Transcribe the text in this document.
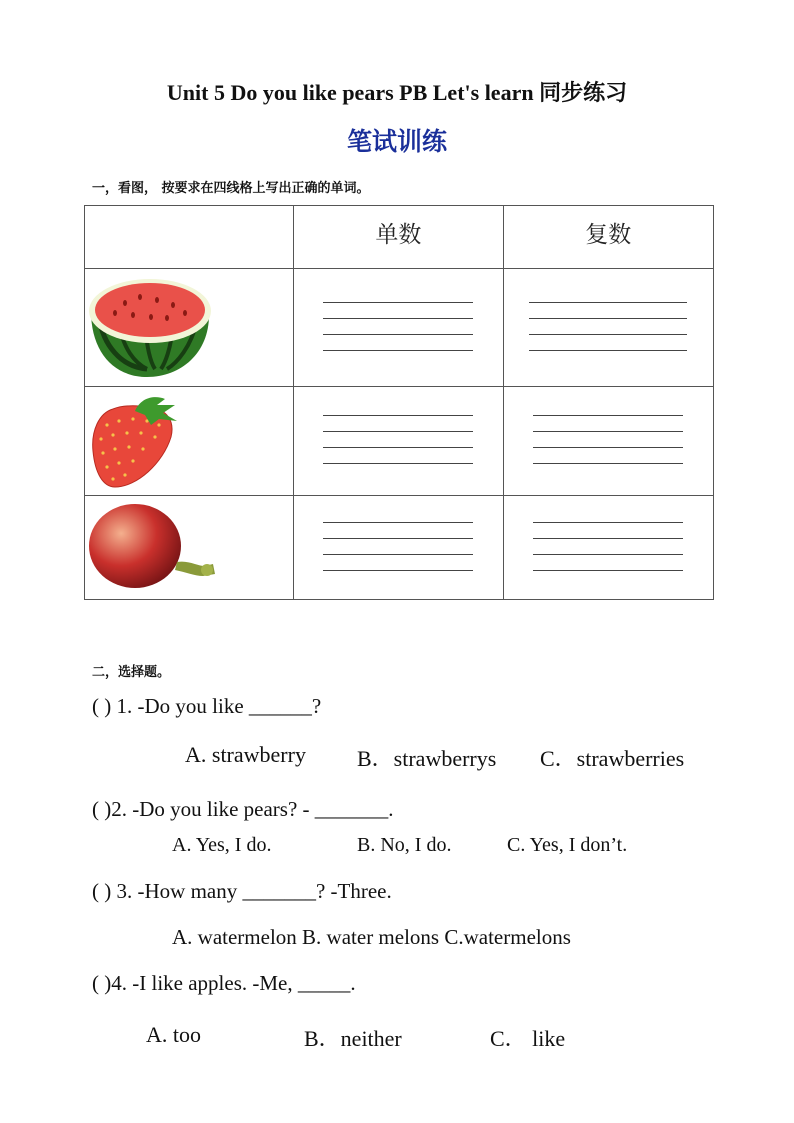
Unit 5 Do you like pears PB Let's learn 同步练习
笔试训练
一，看图， 按要求在四线格上写出正确的单词。
	单数	复数

二，选择题。
( ) 1. -Do you like ______?
A. strawberry B．strawberrys C．strawberries
( )2. -Do you like pears? - _______.
A. Yes, I do.	B. No, I do.	C. Yes, I don’t.
( ) 3. -How many _______? -Three.
A. watermelon B. water melons C.watermelons
( )4. -I like apples. -Me, _____.
A. too	B．neither	C． like
